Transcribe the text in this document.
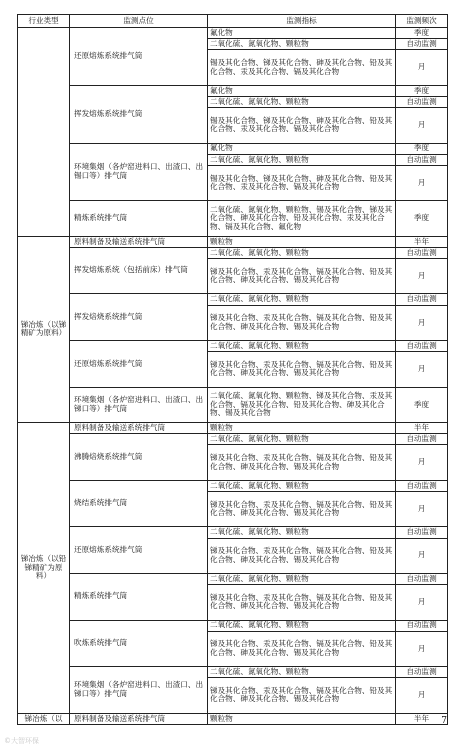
行业类型	监测点位	监测指标	监测频次
	还原熔炼系统排气筒	氟化物	季度
		二氧化硫、氮氧化物、颗粒物	自动监测
		锡及其化合物、锑及其化合物、砷及其化合物、铅及其化合物、汞及其化合物、镉及其化合物	月
	挥发熔炼系统排气筒	氟化物	季度
		二氧化硫、氮氧化物、颗粒物	自动监测
		锡及其化合物、锑及其化合物、砷及其化合物、铅及其化合物、汞及其化合物、镉及其化合物	月
	环境集烟（各炉窑进料口、出渣口、出锡口等）排气筒	氟化物	季度
		二氧化硫、氮氧化物、颗粒物	自动监测
		锡及其化合物、锑及其化合物、砷及其化合物、铅及其化合物、汞及其化合物、镉及其化合物	月
	精炼系统排气筒	二氧化硫、氮氧化物、颗粒物、锡及其化合物、锑及其化合物、砷及其化合物、铅及其化合物、汞及其化合物、镉及其化合物、氟化物	季度
锑冶炼（以锑精矿为原料）	原料制备及输送系统排气筒	颗粒物	半年
	挥发熔炼系统（包括前床）排气筒	二氧化硫、氮氧化物、颗粒物	自动监测
		锑及其化合物、汞及其化合物、镉及其化合物、铅及其化合物、砷及其化合物、锡及其化合物	月
	挥发焙烧系统排气筒	二氧化硫、氮氧化物、颗粒物	自动监测
		锑及其化合物、汞及其化合物、镉及其化合物、铅及其化合物、砷及其化合物、锡及其化合物	月
	还原熔炼系统排气筒	二氧化硫、氮氧化物、颗粒物	自动监测
		锑及其化合物、汞及其化合物、镉及其化合物、铅及其化合物、砷及其化合物、锡及其化合物	月
	环境集烟（各炉窑进料口、出渣口、出锑口等）排气筒	二氧化硫、氮氧化物、颗粒物、锑及其化合物、汞及其化合物、镉及其化合物、铅及其化合物、砷及其化合物、锡及其化合物	季度
锑冶炼（以铅锑精矿为原料）	原料制备及输送系统排气筒	颗粒物	半年
	沸腾焙烧系统排气筒	二氧化硫、氮氧化物、颗粒物	自动监测
		锑及其化合物、汞及其化合物、镉及其化合物、铅及其化合物、砷及其化合物、锡及其化合物	月
	烧结系统排气筒	二氧化硫、氮氧化物、颗粒物	自动监测
		锑及其化合物、汞及其化合物、镉及其化合物、铅及其化合物、砷及其化合物、锡及其化合物	月
	还原熔炼系统排气筒	二氧化硫、氮氧化物、颗粒物	自动监测
		锑及其化合物、汞及其化合物、镉及其化合物、铅及其化合物、砷及其化合物、锡及其化合物	月
	精炼系统排气筒	二氧化硫、氮氧化物、颗粒物	自动监测
		锑及其化合物、汞及其化合物、镉及其化合物、铅及其化合物、砷及其化合物、锡及其化合物	月
	吹炼系统排气筒	二氧化硫、氮氧化物、颗粒物	自动监测
		锑及其化合物、汞及其化合物、镉及其化合物、铅及其化合物、砷及其化合物、锡及其化合物	月
	环境集烟（各炉窑进料口、出渣口、出锑口等）排气筒	二氧化硫、氮氧化物、颗粒物	自动监测
		锑及其化合物、汞及其化合物、镉及其化合物、铅及其化合物、砷及其化合物、锡及其化合物	月
锑冶炼（以	原料制备及输送系统排气筒	颗粒物	半年 7
©大智环保
